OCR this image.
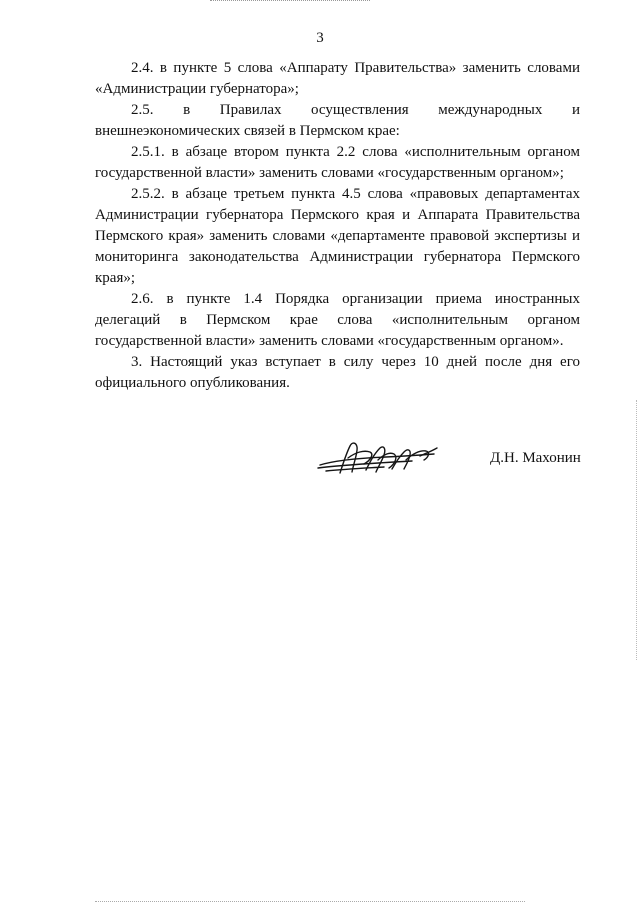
3

2.4. в пункте 5 слова «Аппарату Правительства» заменить словами «Администрации губернатора»;

2.5. в Правилах осуществления международных и внешнеэкономических связей в Пермском крае:

2.5.1. в абзаце втором пункта 2.2 слова «исполнительным органом государственной власти» заменить словами «государственным органом»;

2.5.2. в абзаце третьем пункта 4.5 слова «правовых департаментах Администрации губернатора Пермского края и Аппарата Правительства Пермского края» заменить словами «департаменте правовой экспертизы и мониторинга законодательства Администрации губернатора Пермского края»;

2.6. в пункте 1.4 Порядка организации приема иностранных делегаций в Пермском крае слова «исполнительным органом государственной власти» заменить словами «государственным органом».

3. Настоящий указ вступает в силу через 10 дней после дня его официального опубликования.

Д.Н. Махонин
